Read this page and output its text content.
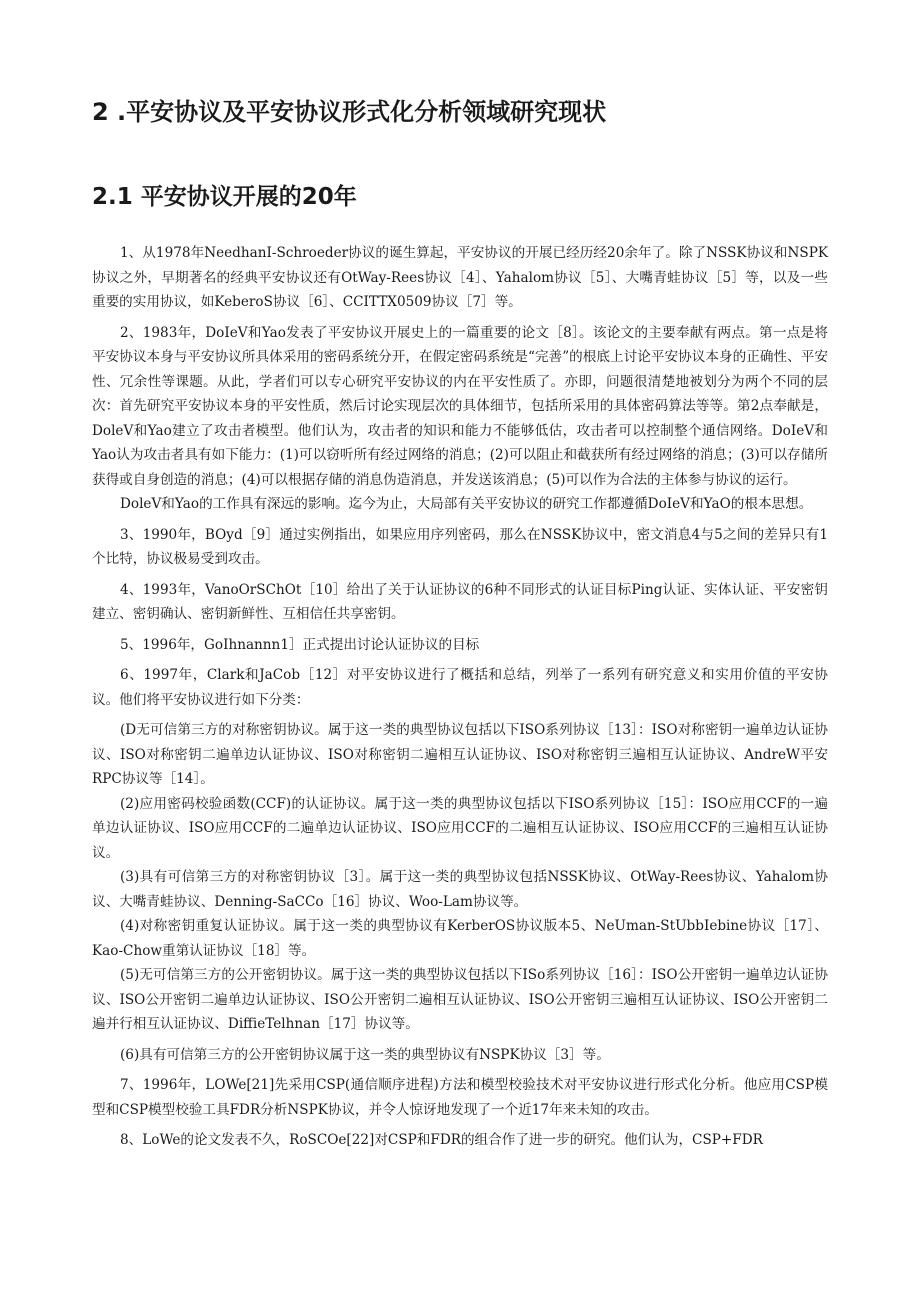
2 .平安协议及平安协议形式化分析领域研究现状
2.1 平安协议开展的20年

1、从1978年NeedhanI-Schroeder协议的诞生算起，平安协议的开展已经历经20余年了。除了NSSK协议和NSPK协议之外，早期著名的经典平安协议还有OtWay-Rees协议［4］、Yahalom协议［5］、大嘴青蛙协议［5］等，以及一些重要的实用协议，如KeberoS协议［6］、CCITTX0509协议［7］等。

2、1983年，DoIeV和Yao发表了平安协议开展史上的一篇重要的论文［8］。该论文的主要奉献有两点。第一点是将平安协议本身与平安协议所具体采用的密码系统分开，在假定密码系统是“完善”的根底上讨论平安协议本身的正确性、平安性、冗余性等课题。从此，学者们可以专心研究平安协议的内在平安性质了。亦即，问题很清楚地被划分为两个不同的层次：首先研究平安协议本身的平安性质，然后讨论实现层次的具体细节，包括所采用的具体密码算法等等。第2点奉献是，DoleV和Yao建立了攻击者模型。他们认为，攻击者的知识和能力不能够低估，攻击者可以控制整个通信网络。DoIeV和Yao认为攻击者具有如下能力：(1)可以窃听所有经过网络的消息；(2)可以阻止和截获所有经过网络的消息；(3)可以存储所获得或自身创造的消息；(4)可以根据存储的消息伪造消息，并发送该消息；(5)可以作为合法的主体参与协议的运行。

DoleV和Yao的工作具有深远的影响。迄今为止，大局部有关平安协议的研究工作都遵循DoIeV和YaO的根本思想。

3、1990年，BOyd［9］通过实例指出，如果应用序列密码，那么在NSSK协议中，密文消息4与5之间的差异只有1个比特，协议极易受到攻击。

4、1993年，VanoOrSChOt［10］给出了关于认证协议的6种不同形式的认证目标Ping认证、实体认证、平安密钥建立、密钥确认、密钥新鲜性、互相信任共享密钥。

5、1996年，GoIhnannn1］正式提出讨论认证协议的目标

6、1997年，Clark和JaCob［12］对平安协议进行了概括和总结，列举了一系列有研究意义和实用价值的平安协议。他们将平安协议进行如下分类：

(D无可信第三方的对称密钥协议。属于这一类的典型协议包括以下ISO系列协议［13］：ISO对称密钥一遍单边认证协议、ISO对称密钥二遍单边认证协议、ISO对称密钥二遍相互认证协议、ISO对称密钥三遍相互认证协议、AndreW平安RPC协议等［14］。

(2)应用密码校验函数(CCF)的认证协议。属于这一类的典型协议包括以下ISO系列协议［15］：ISO应用CCF的一遍单边认证协议、ISO应用CCF的二遍单边认证协议、ISO应用CCF的二遍相互认证协议、ISO应用CCF的三遍相互认证协议。

(3)具有可信第三方的对称密钥协议［3］。属于这一类的典型协议包括NSSK协议、OtWay-Rees协议、Yahalom协议、大嘴青蛙协议、Denning-SaCCo［16］协议、Woo-Lam协议等。

(4)对称密钥重复认证协议。属于这一类的典型协议有KerberOS协议版本5、NeUman-StUbbIebine协议［17］、Kao-Chow重第认证协议［18］等。

(5)无可信第三方的公开密钥协议。属于这一类的典型协议包括以下ISo系列协议［16］：ISO公开密钥一遍单边认证协议、ISO公开密钥二遍单边认证协议、ISO公开密钥二遍相互认证协议、ISO公开密钥三遍相互认证协议、ISO公开密钥二遍并行相互认证协议、DiffieTelhnan［17］协议等。

(6)具有可信第三方的公开密钥协议属于这一类的典型协议有NSPK协议［3］等。

7、1996年，LOWe[21]先采用CSP(通信顺序进程)方法和模型校验技术对平安协议进行形式化分析。他应用CSP模型和CSP模型校验工具FDR分析NSPK协议，并令人惊讶地发现了一个近17年来未知的攻击。

8、LoWe的论文发表不久，RoSCOe[22]对CSP和FDR的组合作了进一步的研究。他们认为，CSP+FDR
